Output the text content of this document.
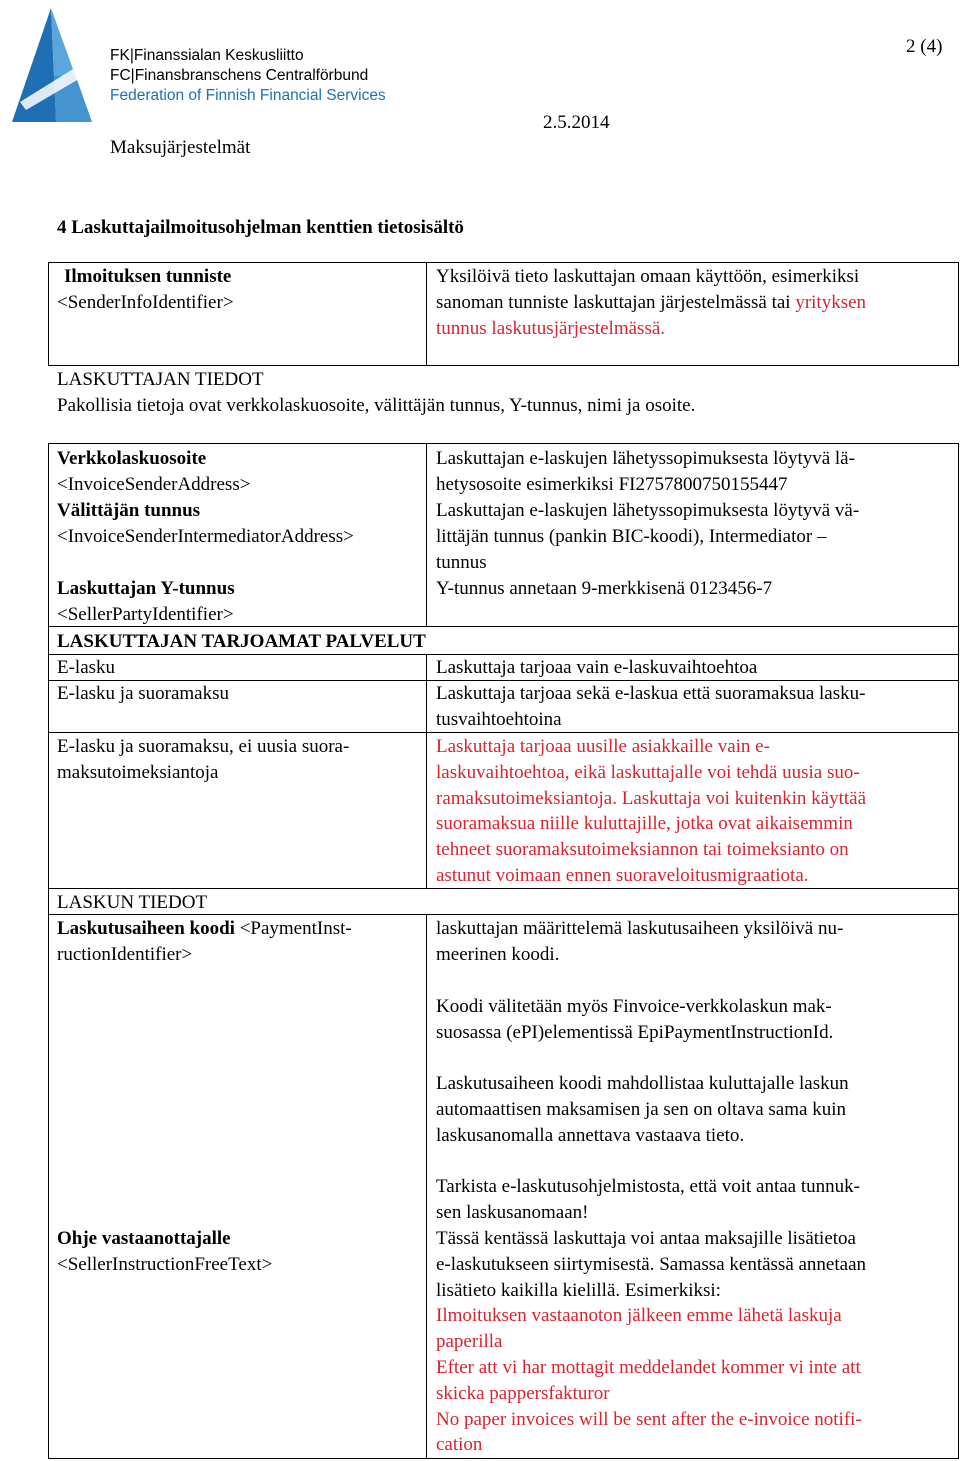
FK|Finanssialan Keskusliitto
FC|Finansbranschens Centralförbund
Federation of Finnish Financial Services
2 (4)
2.5.2014
Maksujärjestelmät
4 Laskuttajailmoitusohjelman kenttien tietosisältö
Ilmoituksen tunniste
<SenderInfoIdentifier>
Yksilöivä tieto laskuttajan omaan käyttöön, esimerkiksi
sanoman tunniste laskuttajan järjestelmässä tai yrityksen
tunnus laskutusjärjestelmässä.
LASKUTTAJAN TIEDOT
Pakollisia tietoja ovat verkkolaskuosoite, välittäjän tunnus, Y-tunnus, nimi ja osoite.
Verkkolaskuosoite
<InvoiceSenderAddress>
Laskuttajan e-laskujen lähetyssopimuksesta löytyvä lä-
hetysosoite esimerkiksi FI2757800750155447
Välittäjän tunnus
<InvoiceSenderIntermediatorAddress>
Laskuttajan e-laskujen lähetyssopimuksesta löytyvä vä-
littäjän tunnus (pankin BIC-koodi), Intermediator –
tunnus
Laskuttajan Y-tunnus
<SellerPartyIdentifier>
Y-tunnus annetaan 9-merkkisenä 0123456-7
LASKUTTAJAN TARJOAMAT PALVELUT
E-lasku	Laskuttaja tarjoaa vain e-laskuvaihtoehtoa
E-lasku ja suoramaksu	Laskuttaja tarjoaa sekä e-laskua että suoramaksua lasku-
tusvaihtoehtoina
E-lasku ja suoramaksu, ei uusia suora-
maksutoimeksiantoja
Laskuttaja tarjoaa uusille asiakkaille vain e-
laskuvaihtoehtoa, eikä laskuttajalle voi tehdä uusia suo-
ramaksutoimeksiantoja. Laskuttaja voi kuitenkin käyttää
suoramaksua niille kuluttajille, jotka ovat aikaisemmin
tehneet suoramaksutoimeksiannon tai toimeksianto on
astunut voimaan ennen suoraveloitusmigraatiota.
LASKUN TIEDOT
Laskutusaiheen koodi <PaymentInst-
ructionIdentifier>
laskuttajan määrittelemä laskutusaiheen yksilöivä nu-
meerinen koodi.
Koodi välitetään myös Finvoice-verkkolaskun mak-
suosassa (ePI)elementissä EpiPaymentInstructionId.
Laskutusaiheen koodi mahdollistaa kuluttajalle laskun
automaattisen maksamisen ja sen on oltava sama kuin
laskusanomalla annettava vastaava tieto.
Tarkista e-laskutusohjelmistosta, että voit antaa tunnuk-
sen laskusanomaan!
Ohje vastaanottajalle
<SellerInstructionFreeText>
Tässä kentässä laskuttaja voi antaa maksajille lisätietoa
e-laskutukseen siirtymisestä. Samassa kentässä annetaan
lisätieto kaikilla kielillä. Esimerkiksi:
Ilmoituksen vastaanoton jälkeen emme lähetä laskuja
paperilla
Efter att vi har mottagit meddelandet kommer vi inte att
skicka pappersfakturor
No paper invoices will be sent after the e-invoice notifi-
cation
